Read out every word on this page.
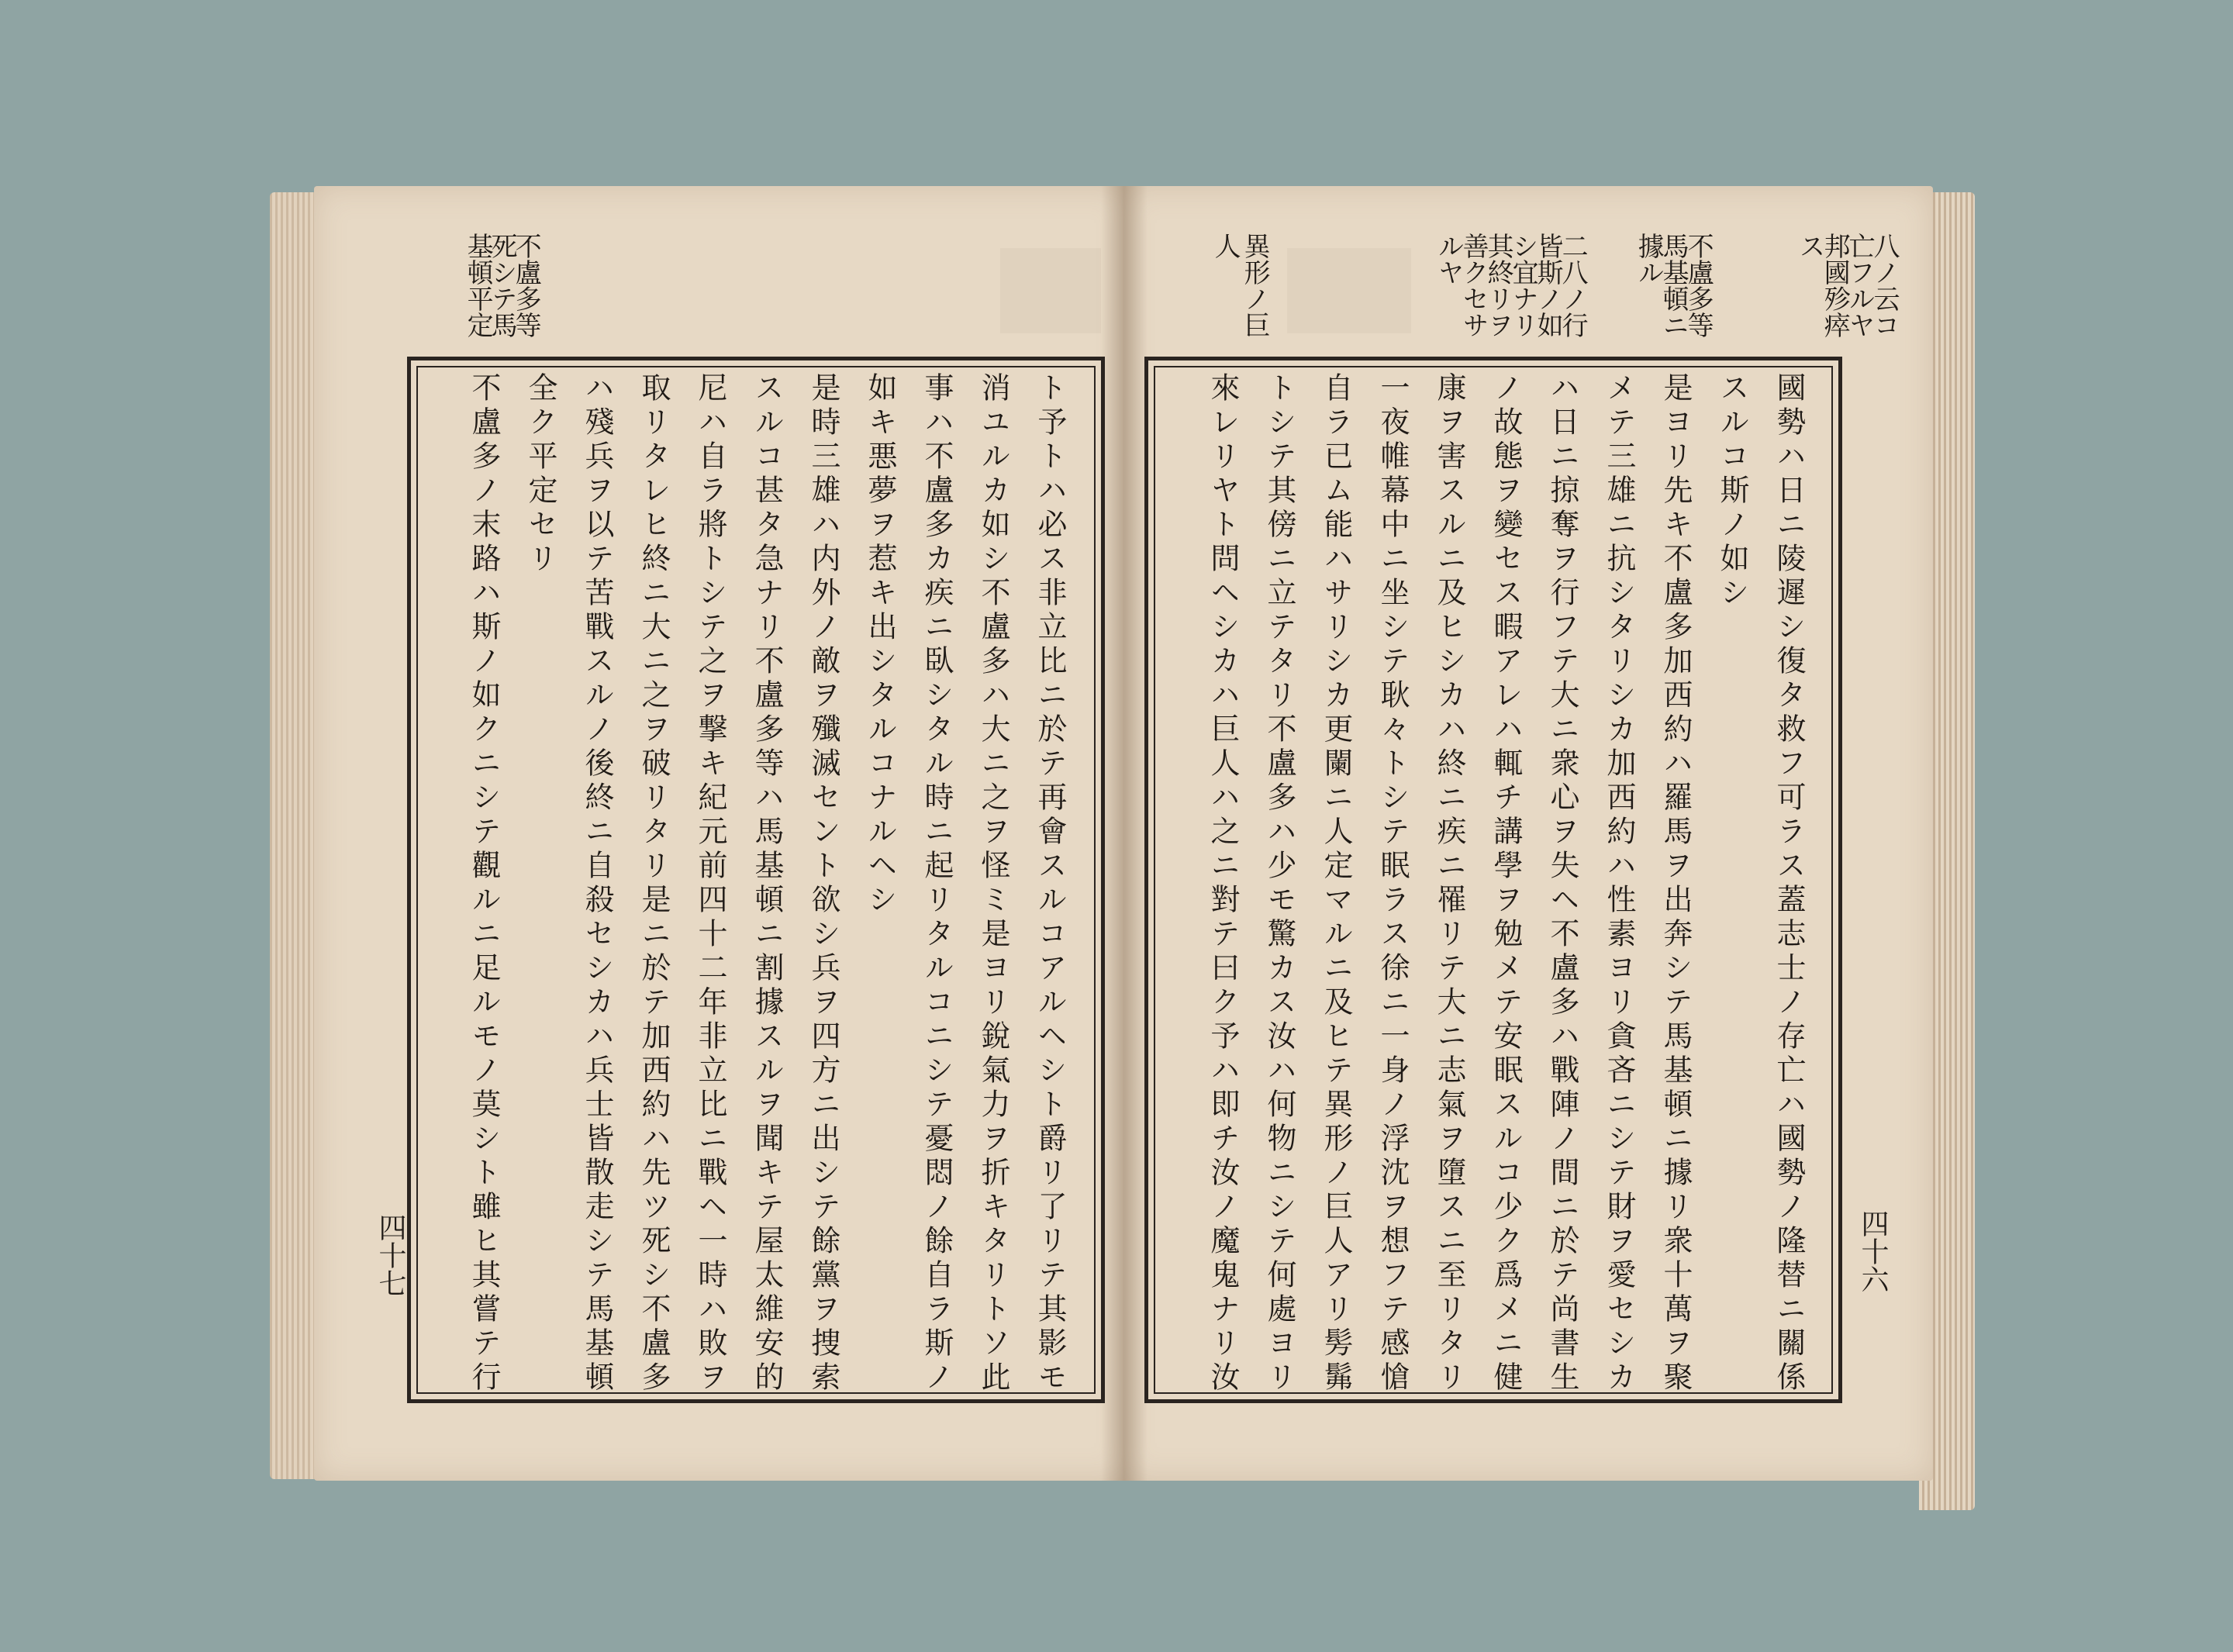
不盧多等
死シテ馬
基頓平定
ト予トハ必ス非立比ニ於テ再會スルコアルヘシト爵リ了リテ其影モ
消ユルカ如シ不盧多ハ大ニ之ヲ怪ミ是ヨリ銳氣力ヲ折キタリトソ此
事ハ不盧多カ疾ニ臥シタル時ニ起リタルコニシテ憂悶ノ餘自ラ斯ノ
如キ悪夢ヲ惹キ出シタルコナルヘシ
是時三雄ハ内外ノ敵ヲ殲滅セント欲シ兵ヲ四方ニ出シテ餘黨ヲ捜索
スルコ甚タ急ナリ不盧多等ハ馬基頓ニ割據スルヲ聞キテ屋太維安的
尼ハ自ラ將トシテ之ヲ撃キ紀元前四十二年非立比ニ戰ヘ一時ハ敗ヲ
取リタレヒ終ニ大ニ之ヲ破リタリ是ニ於テ加西約ハ先ツ死シ不盧多
ハ殘兵ヲ以テ苦戰スルノ後終ニ自殺セシカハ兵士皆散走シテ馬基頓
全ク平定セリ
不盧多ノ末路ハ斯ノ如クニシテ觀ルニ足ルモノ莫シト雖ヒ其嘗テ行
四十七
八ノ云コ
亡フルヤ
邦國殄瘁
ス
不盧多等
馬基頓ニ
據ル
二八ノ行
皆斯ノ如
シ宜ナリ
其終リヲ
善クセサ
ルヤ
異形ノ巨
人
國勢ハ日ニ陵遲シ復タ救フ可ラス蓋志士ノ存亡ハ國勢ノ隆替ニ關係
スルコ斯ノ如シ
是ヨリ先キ不盧多加西約ハ羅馬ヲ出奔シテ馬基頓ニ據リ衆十萬ヲ聚
メテ三雄ニ抗シタリシカ加西約ハ性素ヨリ貪吝ニシテ財ヲ愛セシカ
ハ日ニ掠奪ヲ行フテ大ニ衆心ヲ失ヘ不盧多ハ戰陣ノ間ニ於テ尚書生
ノ故態ヲ變セス暇アレハ輒チ講學ヲ勉メテ安眠スルコ少ク爲メニ健
康ヲ害スルニ及ヒシカハ終ニ疾ニ罹リテ大ニ志氣ヲ墮スニ至リタリ
一夜帷幕中ニ坐シテ耿々トシテ眠ラス徐ニ一身ノ浮沈ヲ想フテ感愴
自ラ已ム能ハサリシカ更闌ニ人定マルニ及ヒテ異形ノ巨人アリ髣髴
トシテ其傍ニ立テタリ不盧多ハ少モ驚カス汝ハ何物ニシテ何處ヨリ
來レリヤト問ヘシカハ巨人ハ之ニ對テ曰ク予ハ即チ汝ノ魔鬼ナリ汝	四十六
